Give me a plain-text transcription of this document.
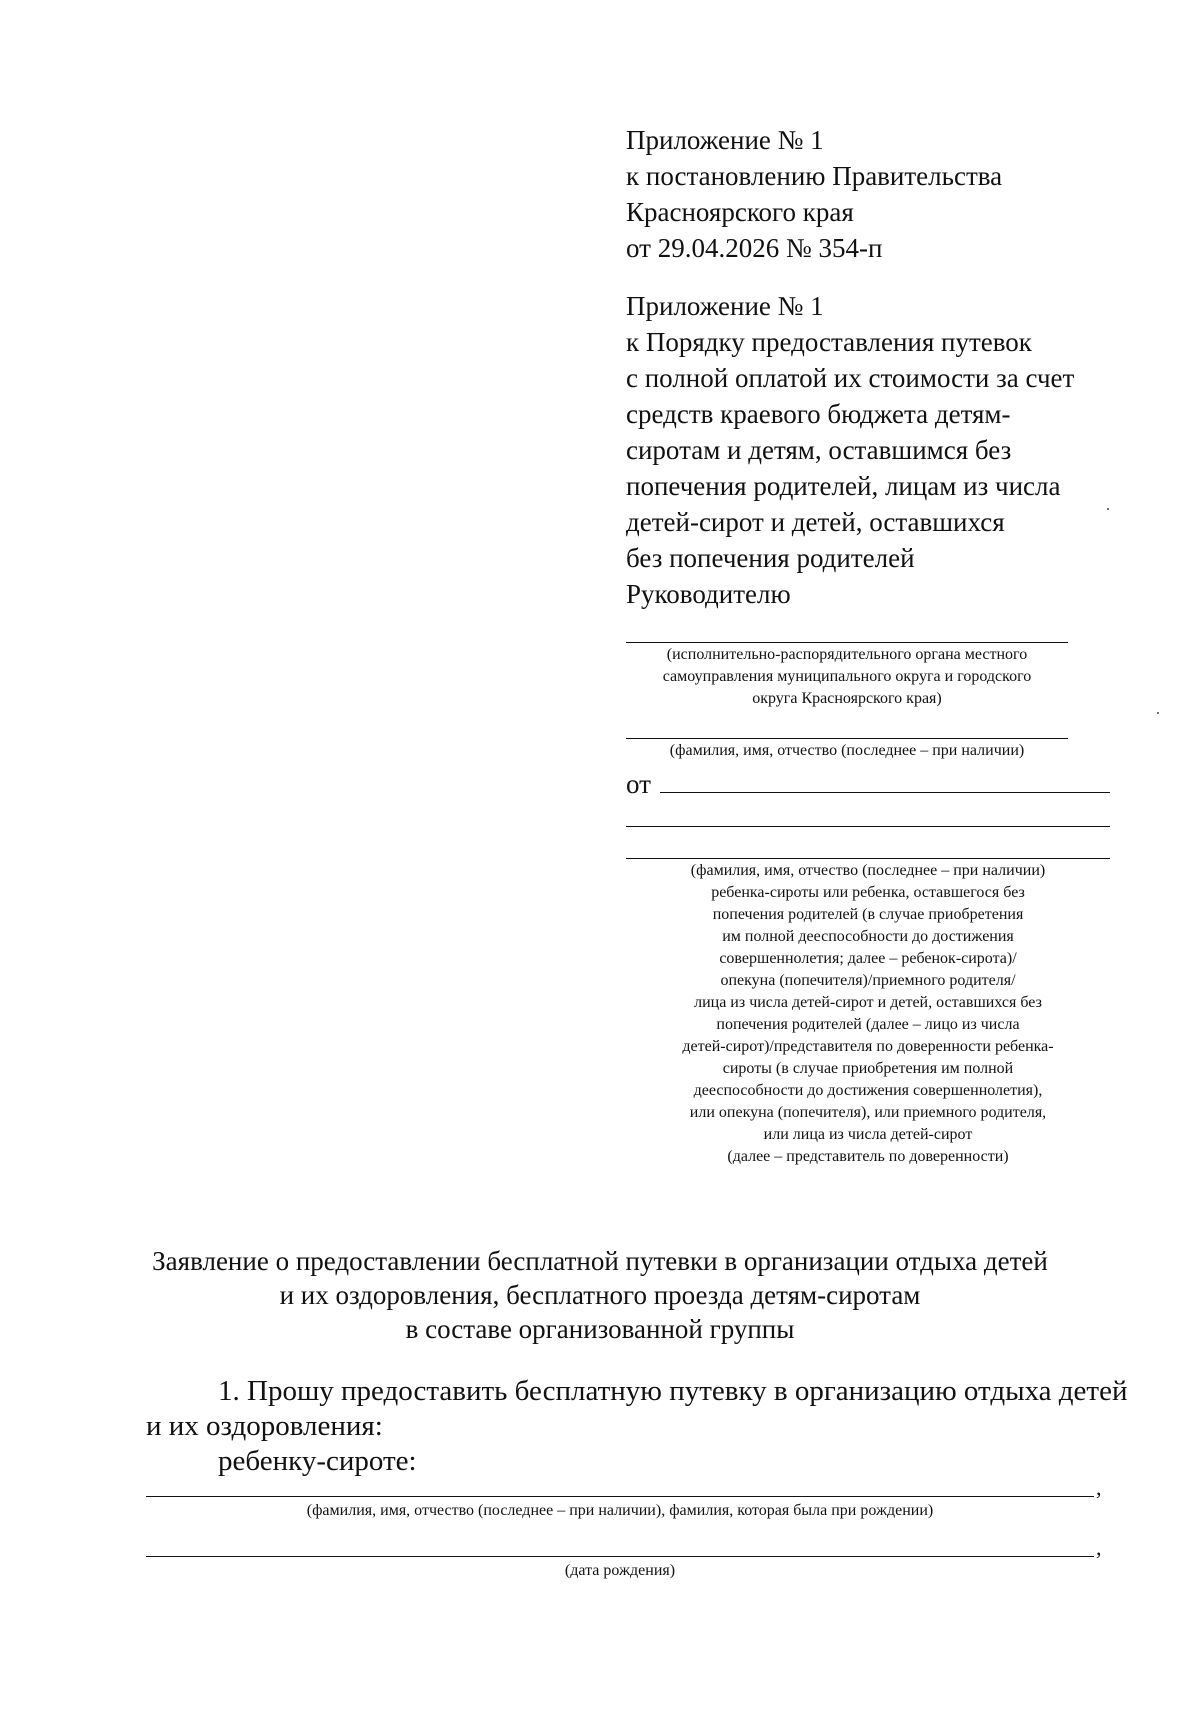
Приложение № 1

к постановлению Правительства

Красноярского края

от 29.04.2026 № 354-п

Приложение № 1

к Порядку предоставления путевок

с полной оплатой их стоимости за счет

средств краевого бюджета детям-

сиротам и детям, оставшимся без

попечения родителей, лицам из числа

детей-сирот и детей, оставшихся

без попечения родителей

Руководителю
(исполнительно-распорядительного органа местного
самоуправления муниципального округа и городского
округа Красноярского края)
(фамилия, имя, отчество (последнее – при наличии)
от
(фамилия, имя, отчество (последнее – при наличии)
ребенка-сироты или ребенка, оставшегося без
попечения родителей (в случае приобретения
им полной дееспособности до достижения
совершеннолетия; далее – ребенок-сирота)/
опекуна (попечителя)/приемного родителя/
лица из числа детей-сирот и детей, оставшихся без
попечения родителей (далее – лицо из числа
детей-сирот)/представителя по доверенности ребенка-
сироты (в случае приобретения им полной
дееспособности до достижения совершеннолетия),
или опекуна (попечителя), или приемного родителя,
или лица из числа детей-сирот
(далее – представитель по доверенности)
Заявление о предоставлении бесплатной путевки в организации отдыха детей
и их оздоровления, бесплатного проезда детям-сиротам
в составе организованной группы
1. Прошу предоставить бесплатную путевку в организацию отдыха детей
и их оздоровления:
ребенку-сироте:
,
(фамилия, имя, отчество (последнее – при наличии), фамилия, которая была при рождении)
,
(дата рождения)
